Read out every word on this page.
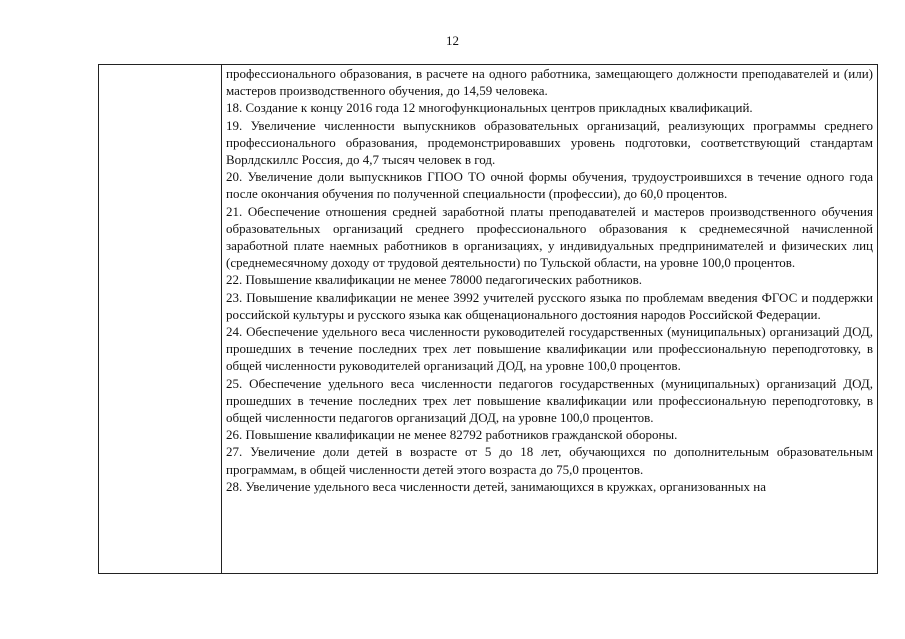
12

профессионального образования, в расчете на одного работника, замещающего должности преподавателей и (или) мастеров производственного обучения, до 14,59 человека.

18. Создание к концу 2016 года 12 многофункциональных центров прикладных квалификаций.

19. Увеличение численности выпускников образовательных организаций, реализующих программы среднего профессионального образования, продемонстрировавших уровень подготовки, соответствующий стандартам Ворлдскиллс Россия, до 4,7 тысяч человек в год.

20. Увеличение доли выпускников ГПОО ТО очной формы обучения, трудоустроившихся в течение одного года после окончания обучения по полученной специальности (профессии), до 60,0 процентов.

21. Обеспечение отношения средней заработной платы преподавателей и мастеров производственного обучения образовательных организаций среднего профессионального образования к среднемесячной начисленной заработной плате наемных работников в организациях, у индивидуальных предпринимателей и физических лиц (среднемесячному доходу от трудовой деятельности) по Тульской области, на уровне 100,0 процентов.

22. Повышение квалификации не менее 78000 педагогических работников.

23. Повышение квалификации не менее 3992 учителей русского языка по проблемам введения ФГОС и поддержки российской культуры и русского языка как общенационального достояния народов Российской Федерации.

24. Обеспечение удельного веса численности руководителей государственных (муниципальных) организаций ДОД, прошедших в течение последних трех лет повышение квалификации или профессиональную переподготовку, в общей численности руководителей организаций ДОД, на уровне 100,0 процентов.

25. Обеспечение удельного веса численности педагогов государственных (муниципальных) организаций ДОД, прошедших в течение последних трех лет повышение квалификации или профессиональную переподготовку, в общей численности педагогов организаций ДОД, на уровне 100,0 процентов.

26. Повышение квалификации не менее 82792 работников гражданской обороны.

27. Увеличение доли детей в возрасте от 5 до 18 лет, обучающихся по дополнительным образовательным программам, в общей численности детей этого возраста до 75,0 процентов.

28. Увеличение удельного веса численности детей, занимающихся в кружках, организованных на
